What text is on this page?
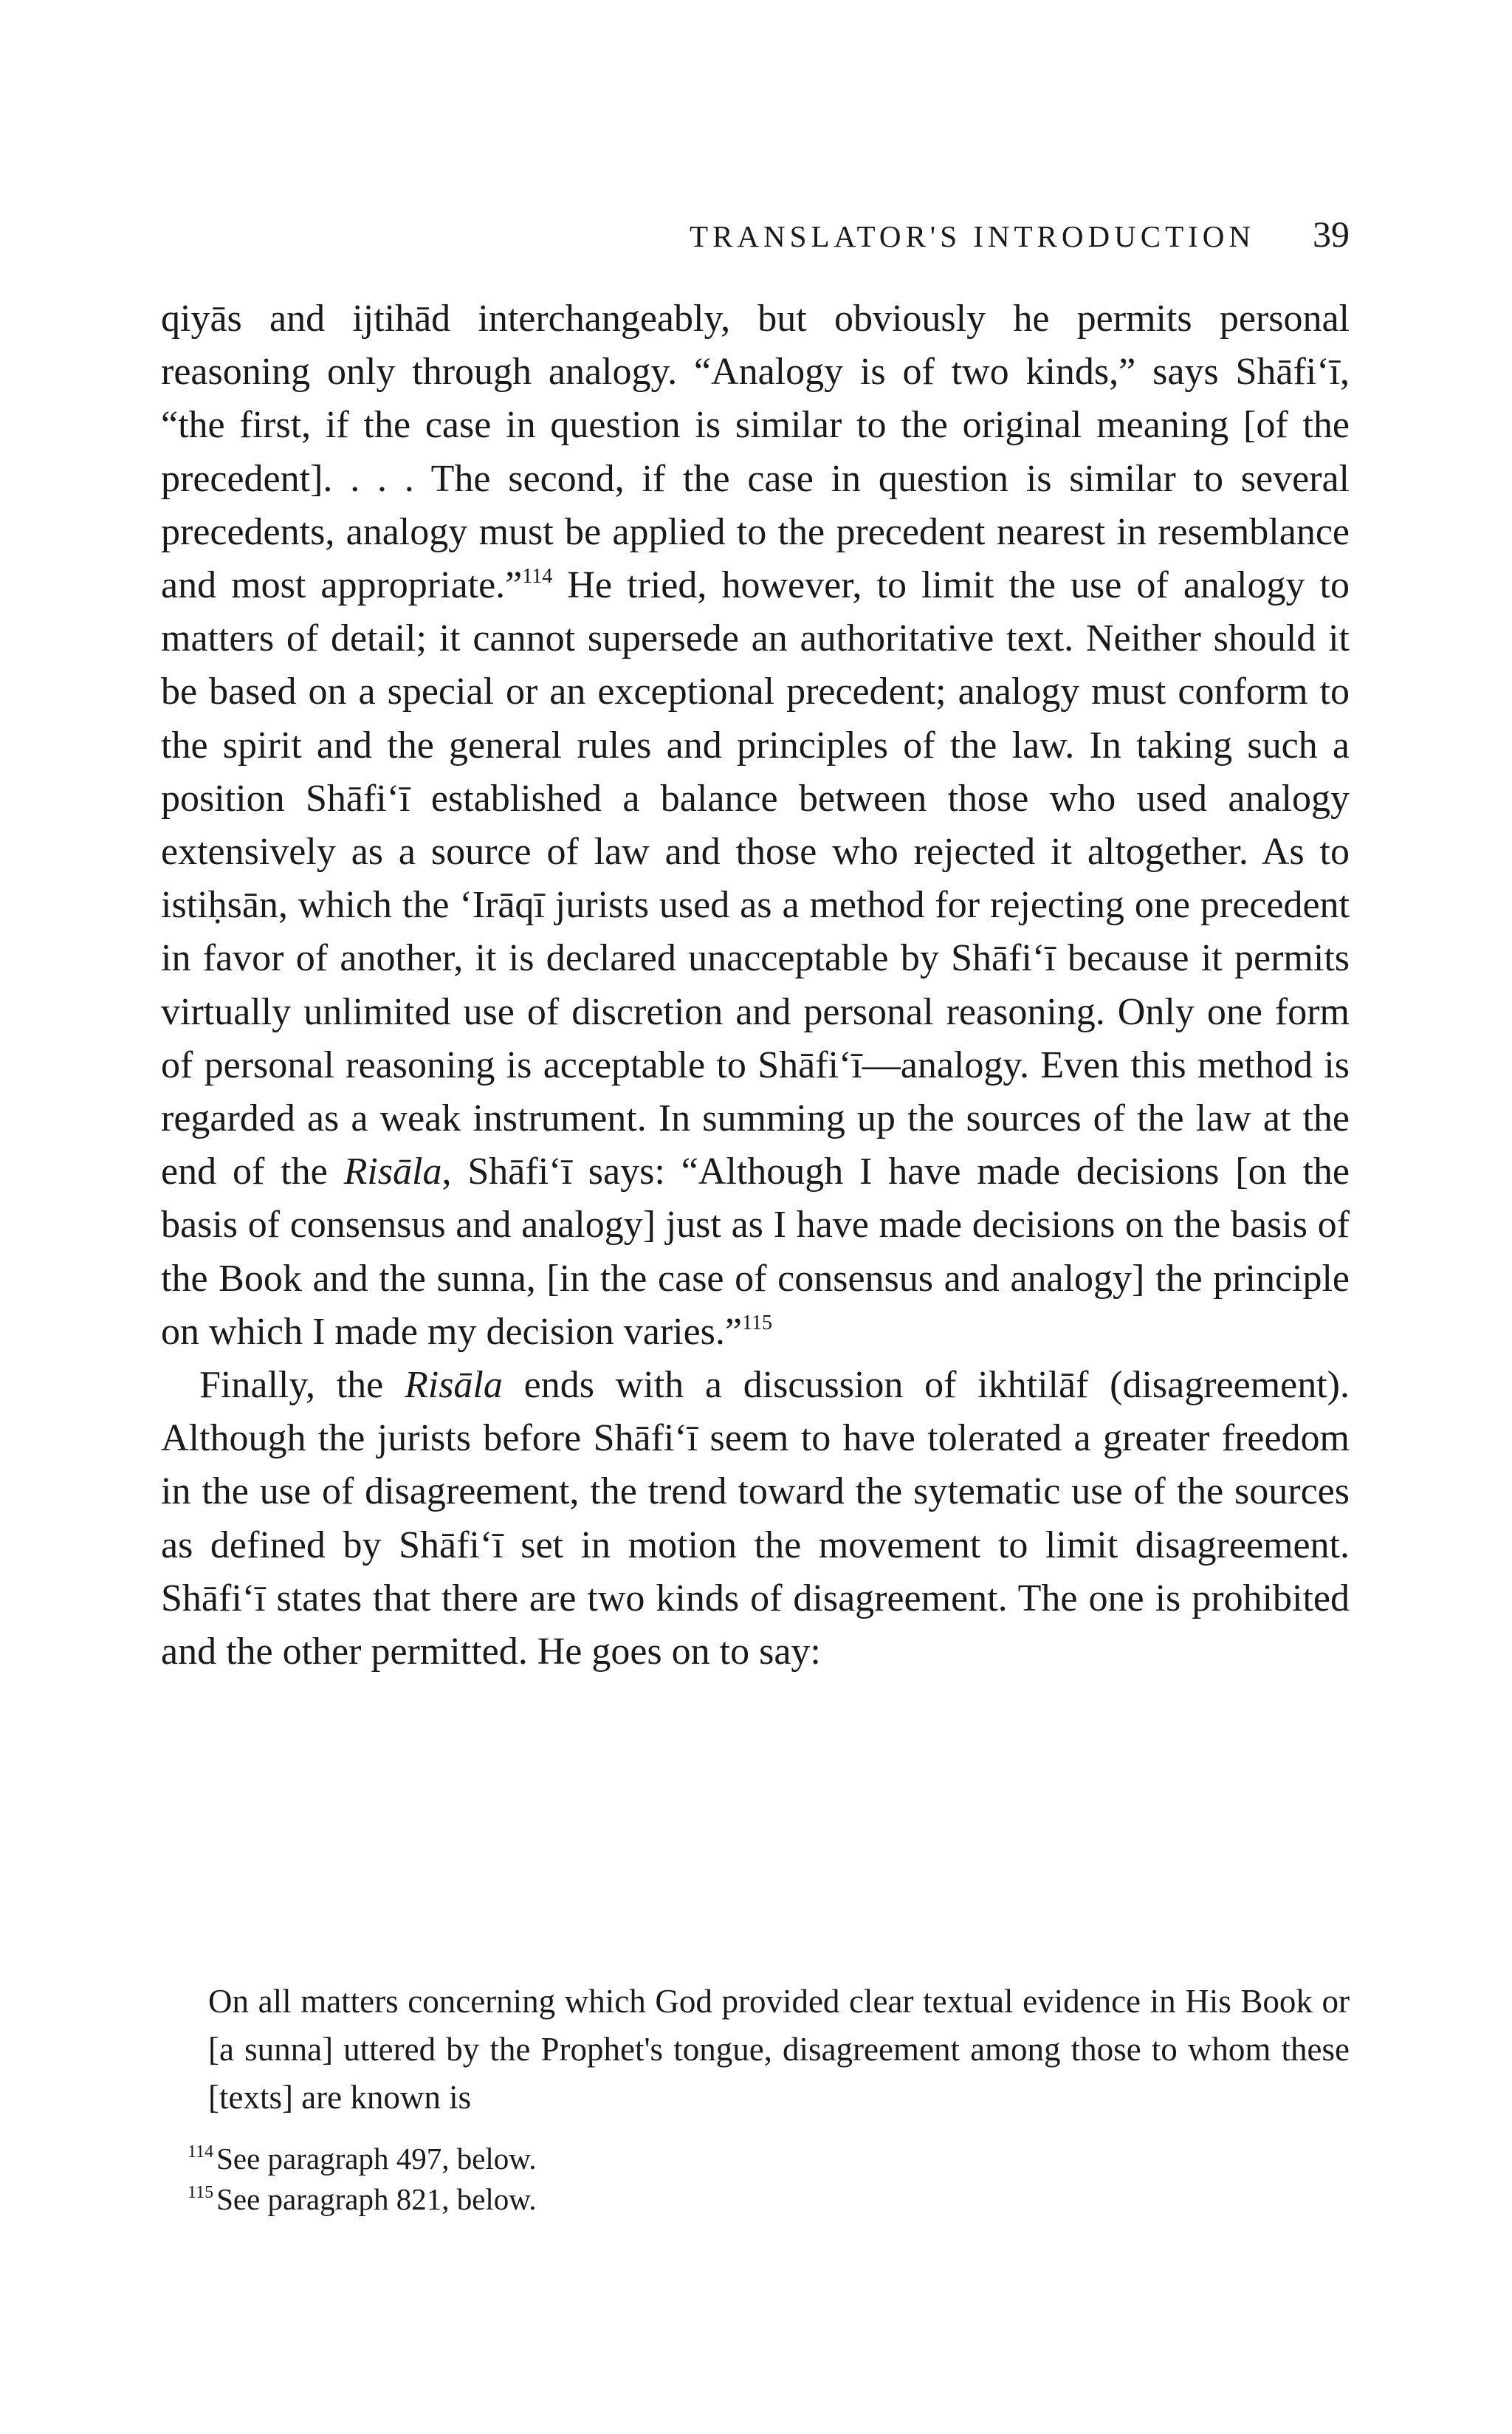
TRANSLATOR'S INTRODUCTION 39

qiyās and ijtihād interchangeably, but obviously he permits personal reasoning only through analogy. “Analogy is of two kinds,” says Shāfi‘ī, “the first, if the case in question is similar to the original meaning [of the precedent]. . . . The second, if the case in question is similar to several precedents, analogy must be applied to the precedent nearest in resemblance and most appropriate.”$^{114}$ He tried, however, to limit the use of analogy to matters of detail; it cannot supersede an authoritative text. Neither should it be based on a special or an exceptional precedent; analogy must conform to the spirit and the general rules and principles of the law. In taking such a position Shāfi‘ī established a balance between those who used analogy extensively as a source of law and those who rejected it altogether. As to istiḥsān, which the ‘Irāqī jurists used as a method for rejecting one precedent in favor of another, it is declared unacceptable by Shāfi‘ī because it permits virtually unlimited use of discretion and personal reasoning. Only one form of personal reasoning is acceptable to Shāfi‘ī—analogy. Even this method is regarded as a weak instrument. In summing up the sources of the law at the end of the Risāla, Shāfi‘ī says: “Although I have made decisions [on the basis of consensus and analogy] just as I have made decisions on the basis of the Book and the sunna, [in the case of consensus and analogy] the principle on which I made my decision varies.”$^{115}$

Finally, the Risāla ends with a discussion of ikhtilāf (disagreement). Although the jurists before Shāfi‘ī seem to have tolerated a greater freedom in the use of disagreement, the trend toward the sytematic use of the sources as defined by Shāfi‘ī set in motion the movement to limit disagreement. Shāfi‘ī states that there are two kinds of disagreement. The one is prohibited and the other permitted. He goes on to say:

On all matters concerning which God provided clear textual evidence in His Book or [a sunna] uttered by the Prophet's tongue, disagreement among those to whom these [texts] are known is

$^{114}$See paragraph 497, below.
$^{115}$See paragraph 821, below.
